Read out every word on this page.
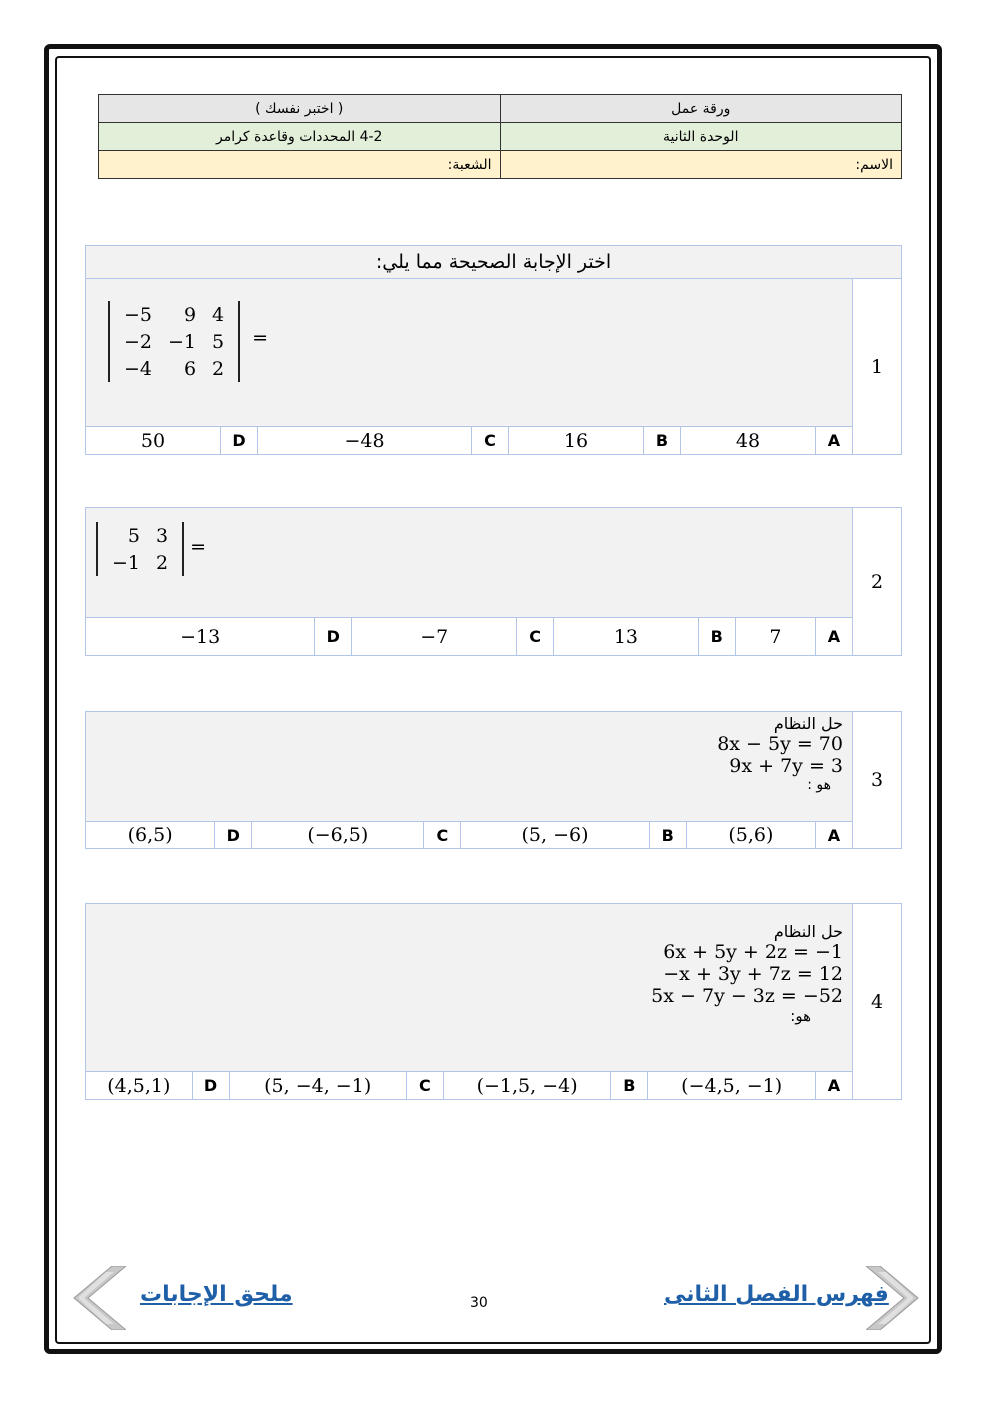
( اختبر نفسك )	ورقة عمل
4-2 المحددات وقاعدة كرامر	الوحدة الثانية
الشعبة:	الاسم:
اختر الإجابة الصحيحة مما يلي:

−5	9	4
−2	−1	5
−4	6	2
=	1
50	D	−48	C	16	B	48	A
5	3
−1	2
=	2
−13	D	−7	C	13	B	7	A
حل النظام
8x − 5y = 70
9x + 7y = 3
هو :								3
(6,5)	D	(−6,5)	C	(5, −6)	B	(5,6)	A	
حل النظام
6x + 5y + 2z = −1
−x + 3y + 7z = 12
5x − 7y − 3z = −52
هو:								4
(4,5,1)	D	(5, −4, −1)	C	(−1,5, −4)	B	(−4,5, −1)	A	
ملحق الإجابات	30	فهرس الفصل الثانى
